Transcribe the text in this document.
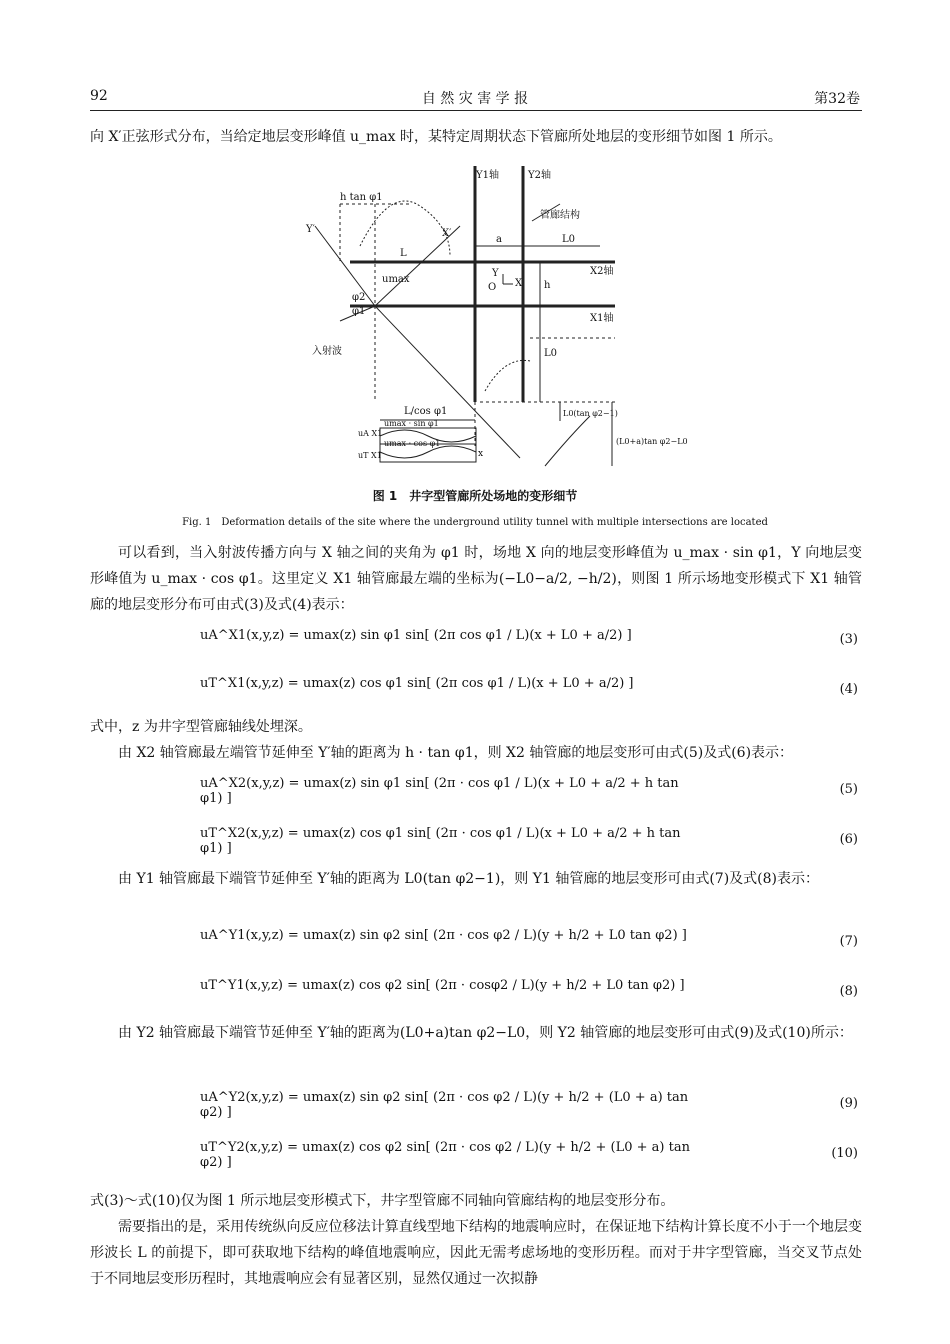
92	自 然 灾 害 学 报	第32卷
向 X′正弦形式分布，当给定地层变形峰值 u_max 时，某特定周期状态下管廊所处地层的变形细节如图 1 所示。
Y1轴	Y2轴
h tan φ1
Y′	X′
管廊结构
a	L0
X2轴
X1轴
L
umax
O
Y
X h
φ2
φ1
入射波	L0
L/cos φ1
umax · sin φ1
umax · cos φ1
uA X1
uT X1	x
L0(tan φ2−1)
(L0+a)tan φ2−L0
图 1　井字型管廊所处场地的变形细节
Fig. 1　Deformation details of the site where the underground utility tunnel with multiple intersections are located
可以看到，当入射波传播方向与 X 轴之间的夹角为 φ1 时，场地 X 向的地层变形峰值为 u_max · sin φ1，Y 向地层变形峰值为 u_max · cos φ1。这里定义 X1 轴管廊最左端的坐标为(−L0−a/2, −h/2)，则图 1 所示场地变形模式下 X1 轴管廊的地层变形分布可由式(3)及式(4)表示：
uA^X1(x,y,z) = umax(z) sin φ1 sin[ (2π cos φ1 / L)(x + L0 + a/2) ]	(3)
uT^X1(x,y,z) = umax(z) cos φ1 sin[ (2π cos φ1 / L)(x + L0 + a/2) ]	(4)
式中，z 为井字型管廊轴线处埋深。
由 X2 轴管廊最左端管节延伸至 Y′轴的距离为 h · tan φ1，则 X2 轴管廊的地层变形可由式(5)及式(6)表示：
uA^X2(x,y,z) = umax(z) sin φ1 sin[ (2π · cos φ1 / L)(x + L0 + a/2 + h tan φ1) ]
(5)
uT^X2(x,y,z) = umax(z) cos φ1 sin[ (2π · cos φ1 / L)(x + L0 + a/2 + h tan φ1) ]
(6)
由 Y1 轴管廊最下端管节延伸至 Y′轴的距离为 L0(tan φ2−1)，则 Y1 轴管廊的地层变形可由式(7)及式(8)表示：
uA^Y1(x,y,z) = umax(z) sin φ2 sin[ (2π · cos φ2 / L)(y + h/2 + L0 tan φ2) ]	(7)
uT^Y1(x,y,z) = umax(z) cos φ2 sin[ (2π · cosφ2 / L)(y + h/2 + L0 tan φ2) ]	(8)
由 Y2 轴管廊最下端管节延伸至 Y′轴的距离为(L0+a)tan φ2−L0，则 Y2 轴管廊的地层变形可由式(9)及式(10)所示：
uA^Y2(x,y,z) = umax(z) sin φ2 sin[ (2π · cos φ2 / L)(y + h/2 + (L0 + a) tan φ2) ]
(9)
uT^Y2(x,y,z) = umax(z) cos φ2 sin[ (2π · cos φ2 / L)(y + h/2 + (L0 + a) tan φ2) ]
(10)
式(3)～式(10)仅为图 1 所示地层变形模式下，井字型管廊不同轴向管廊结构的地层变形分布。
需要指出的是，采用传统纵向反应位移法计算直线型地下结构的地震响应时，在保证地下结构计算长度不小于一个地层变形波长 L 的前提下，即可获取地下结构的峰值地震响应，因此无需考虑场地的变形历程。而对于井字型管廊，当交叉节点处于不同地层变形历程时，其地震响应会有显著区别，显然仅通过一次拟静
